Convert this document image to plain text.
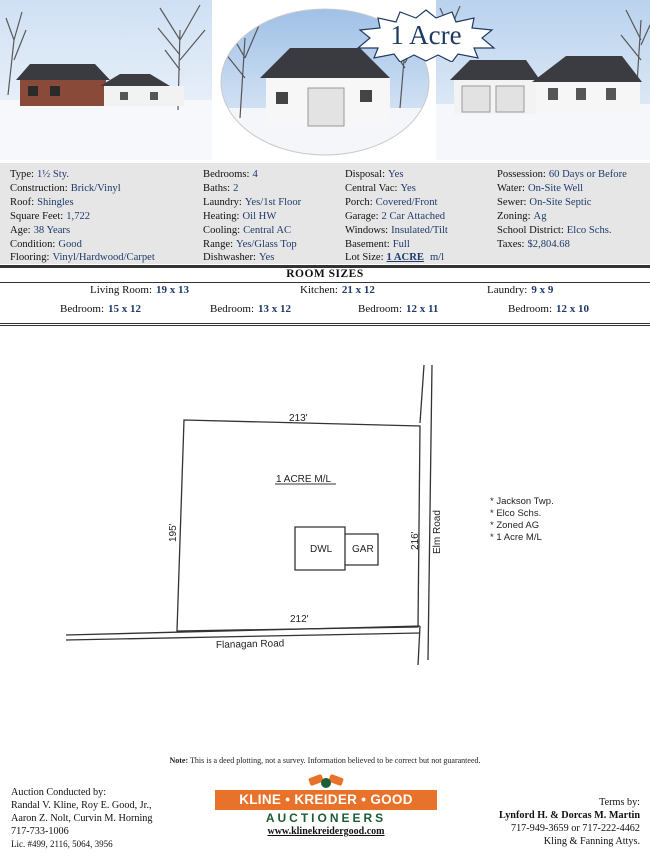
1 Acre
Type: 1½ Sty.
Construction: Brick/Vinyl
Roof: Shingles
Square Feet: 1,722
Age: 38 Years
Condition: Good
Flooring: Vinyl/Hardwood/Carpet
Bedrooms: 4
Baths: 2
Laundry: Yes/1st Floor
Heating: Oil HW
Cooling: Central AC
Range: Yes/Glass Top
Dishwasher: Yes
Disposal: Yes
Central Vac: Yes
Porch: Covered/Front
Garage: 2 Car Attached
Windows: Insulated/Tilt
Basement: Full
Lot Size: 1 ACRE m/l
Possession: 60 Days or Before
Water: On-Site Well
Sewer: On-Site Septic
Zoning: Ag
School District: Elco Schs.
Taxes: $2,804.68
ROOM SIZES
Living Room: 19 x 13	Kitchen: 21 x 12	Laundry: 9 x 9
Bedroom: 15 x 12	Bedroom: 13 x 12	Bedroom: 12 x 11	Bedroom: 12 x 10
213'
212'
195'	216'
1 ACRE M/L
DWL GAR	Elm Road
Flanagan Road
* Jackson Twp.
* Elco Schs.
* Zoned AG
* 1 Acre M/L
Note: This is a deed plotting, not a survey. Information believed to be correct but not guaranteed.
Auction Conducted by:
Randal V. Kline, Roy E. Good, Jr.,
Aaron Z. Nolt, Curvin M. Horning
717-733-1006
Lic. #499, 2116, 5064, 3956
KLINE • KREIDER • GOOD
AUCTIONEERS
www.klinekreidergood.com
Terms by:
Lynford H. & Dorcas M. Martin
717-949-3659 or 717-222-4462
Kling & Fanning Attys.
